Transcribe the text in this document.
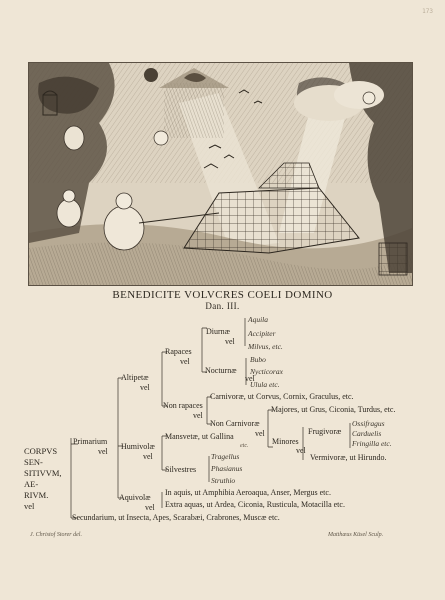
173
BENEDICITE VOLVCRES COELI DOMINO
Dan. III.
CORPVS
SEN-
SITIVVM,
AE-
RIVM.
vel
Primarium
vel
Secundarium, ut Insecta, Apes, Scarabæi, Crabrones, Muscæ etc.
Altipetæ
vel
Humivolæ
vel
Aquivolæ
vel
Rapaces
vel
Non rapaces
Diurnæ
vel
Nocturnæ
vel
Aquila
Accipiter
Milvus, etc.
Bubo
Nycticorax
Ulula etc.
Carnivoræ, ut Corvus, Cornix, Graculus, etc.
vel
Non Carnivoræ
vel
Majores, ut Grus, Ciconia, Turdus, etc.
Minores
vel
Frugivoræ
Ossifragus
Carduelis
Fringilla etc.
Vermivoræ, ut Hirundo.
Mansvetæ, ut Gallina
etc.
Silvestres
Tragellus
Phasianus
Struthio
In aquis, ut Amphibia Aeroaqua, Anser, Mergus etc.
Extra aquas, ut Ardea, Ciconia, Rusticula, Motacilla etc.
J. Christof Storer del.	Matthæus Küsel Sculp.
